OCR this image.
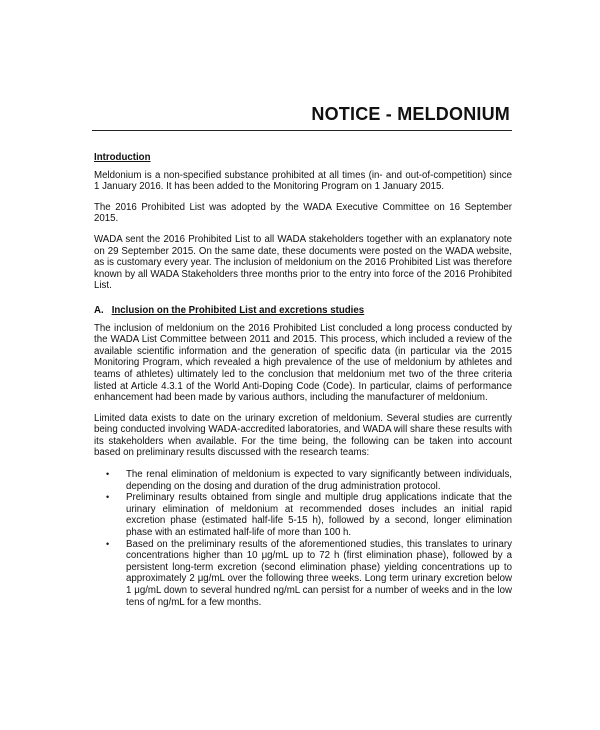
NOTICE - MELDONIUM
Introduction

Meldonium is a non-specified substance prohibited at all times (in- and out-of-competition) since 1 January 2016. It has been added to the Monitoring Program on 1 January 2015.

The 2016 Prohibited List was adopted by the WADA Executive Committee on 16 September 2015.

WADA sent the 2016 Prohibited List to all WADA stakeholders together with an explanatory note on 29 September 2015. On the same date, these documents were posted on the WADA website, as is customary every year. The inclusion of meldonium on the 2016 Prohibited List was therefore known by all WADA Stakeholders three months prior to the entry into force of the 2016 Prohibited List.

A. Inclusion on the Prohibited List and excretions studies

The inclusion of meldonium on the 2016 Prohibited List concluded a long process conducted by the WADA List Committee between 2011 and 2015. This process, which included a review of the available scientific information and the generation of specific data (in particular via the 2015 Monitoring Program, which revealed a high prevalence of the use of meldonium by athletes and teams of athletes) ultimately led to the conclusion that meldonium met two of the three criteria listed at Article 4.3.1 of the World Anti-Doping Code (Code). In particular, claims of performance enhancement had been made by various authors, including the manufacturer of meldonium.

Limited data exists to date on the urinary excretion of meldonium. Several studies are currently being conducted involving WADA-accredited laboratories, and WADA will share these results with its stakeholders when available. For the time being, the following can be taken into account based on preliminary results discussed with the research teams:

• The renal elimination of meldonium is expected to vary significantly between individuals, depending on the dosing and duration of the drug administration protocol.
• Preliminary results obtained from single and multiple drug applications indicate that the urinary elimination of meldonium at recommended doses includes an initial rapid excretion phase (estimated half-life 5-15 h), followed by a second, longer elimination phase with an estimated half-life of more than 100 h.
• Based on the preliminary results of the aforementioned studies, this translates to urinary concentrations higher than 10 μg/mL up to 72 h (first elimination phase), followed by a persistent long-term excretion (second elimination phase) yielding concentrations up to approximately 2 μg/mL over the following three weeks. Long term urinary excretion below 1 μg/mL down to several hundred ng/mL can persist for a number of weeks and in the low tens of ng/mL for a few months.
